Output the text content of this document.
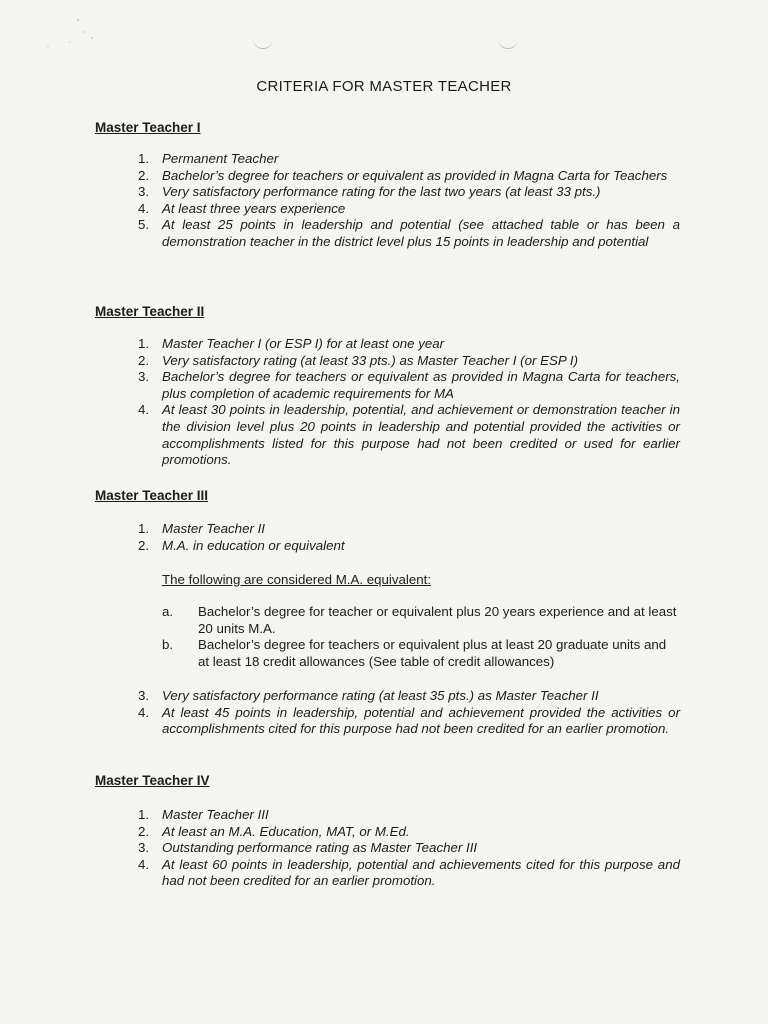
CRITERIA FOR MASTER TEACHER
Master Teacher I
1. Permanent Teacher
2. Bachelor’s degree for teachers or equivalent as provided in Magna Carta for Teachers
3. Very satisfactory performance rating for the last two years (at least 33 pts.)
4. At least three years experience
5. At least 25 points in leadership and potential (see attached table or has been a demonstration teacher in the district level plus 15 points in leadership and potential
Master Teacher II
1. Master Teacher I (or ESP I) for at least one year
2. Very satisfactory rating (at least 33 pts.) as Master Teacher I (or ESP I)
3. Bachelor’s degree for teachers or equivalent as provided in Magna Carta for teachers, plus completion of academic requirements for MA
4. At least 30 points in leadership, potential, and achievement or demonstration teacher in the division level plus 20 points in leadership and potential provided the activities or accomplishments listed for this purpose had not been credited or used for earlier promotions.
Master Teacher III
1. Master Teacher II
2. M.A. in education or equivalent
The following are considered M.A. equivalent:
a. Bachelor’s degree for teacher or equivalent plus 20 years experience and at least 20 units M.A.
b. Bachelor’s degree for teachers or equivalent plus at least 20 graduate units and at least 18 credit allowances (See table of credit allowances)
3. Very satisfactory performance rating (at least 35 pts.) as Master Teacher II
4. At least 45 points in leadership, potential and achievement provided the activities or accomplishments cited for this purpose had not been credited for an earlier promotion.
Master Teacher IV
1. Master Teacher III
2. At least an M.A. Education, MAT, or M.Ed.
3. Outstanding performance rating as Master Teacher III
4. At least 60 points in leadership, potential and achievements cited for this purpose and had not been credited for an earlier promotion.
